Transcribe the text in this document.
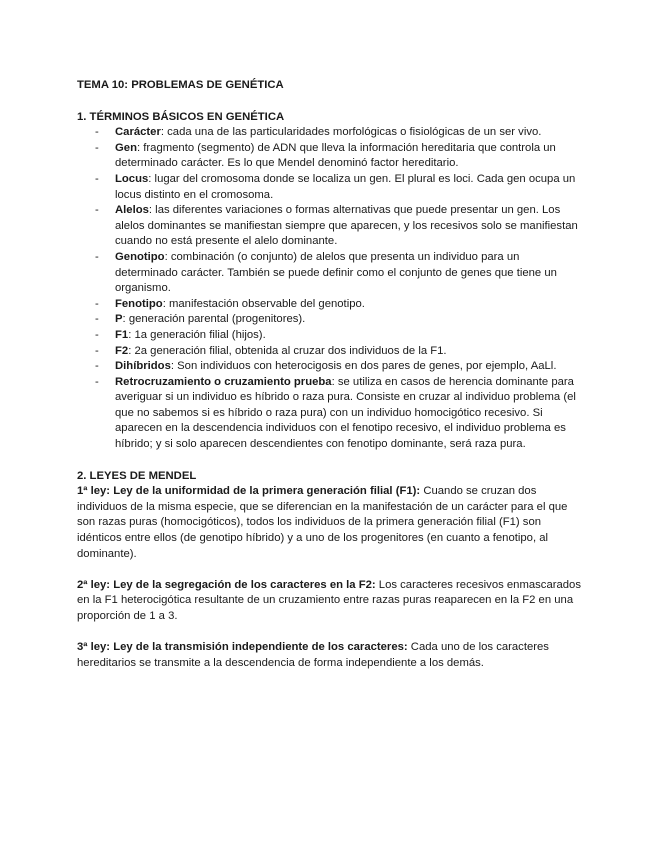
TEMA 10: PROBLEMAS DE GENÉTICA
1. TÉRMINOS BÁSICOS EN GENÉTICA
- Carácter: cada una de las particularidades morfológicas o fisiológicas de un ser vivo.
- Gen: fragmento (segmento) de ADN que lleva la información hereditaria que controla un determinado carácter. Es lo que Mendel denominó factor hereditario.
- Locus: lugar del cromosoma donde se localiza un gen. El plural es loci. Cada gen ocupa un locus distinto en el cromosoma.
- Alelos: las diferentes variaciones o formas alternativas que puede presentar un gen. Los alelos dominantes se manifiestan siempre que aparecen, y los recesivos solo se manifiestan cuando no está presente el alelo dominante.
- Genotipo: combinación (o conjunto) de alelos que presenta un individuo para un determinado carácter. También se puede definir como el conjunto de genes que tiene un organismo.
- Fenotipo: manifestación observable del genotipo.
- P: generación parental (progenitores).
- F1: 1a generación filial (hijos).
- F2: 2a generación filial, obtenida al cruzar dos individuos de la F1.
- Dihíbridos: Son individuos con heterocigosis en dos pares de genes, por ejemplo, AaLl.
- Retrocruzamiento o cruzamiento prueba: se utiliza en casos de herencia dominante para averiguar si un individuo es híbrido o raza pura. Consiste en cruzar al individuo problema (el que no sabemos si es híbrido o raza pura) con un individuo homocigótico recesivo. Si aparecen en la descendencia individuos con el fenotipo recesivo, el individuo problema es híbrido; y si solo aparecen descendientes con fenotipo dominante, será raza pura.
2. LEYES DE MENDEL

1ª ley: Ley de la uniformidad de la primera generación filial (F1): Cuando se cruzan dos individuos de la misma especie, que se diferencian en la manifestación de un carácter para el que son razas puras (homocigóticos), todos los individuos de la primera generación filial (F1) son idénticos entre ellos (de genotipo híbrido) y a uno de los progenitores (en cuanto a fenotipo, al dominante).

2ª ley: Ley de la segregación de los caracteres en la F2: Los caracteres recesivos enmascarados en la F1 heterocigótica resultante de un cruzamiento entre razas puras reaparecen en la F2 en una proporción de 1 a 3.

3ª ley: Ley de la transmisión independiente de los caracteres: Cada uno de los caracteres hereditarios se transmite a la descendencia de forma independiente a los demás.
